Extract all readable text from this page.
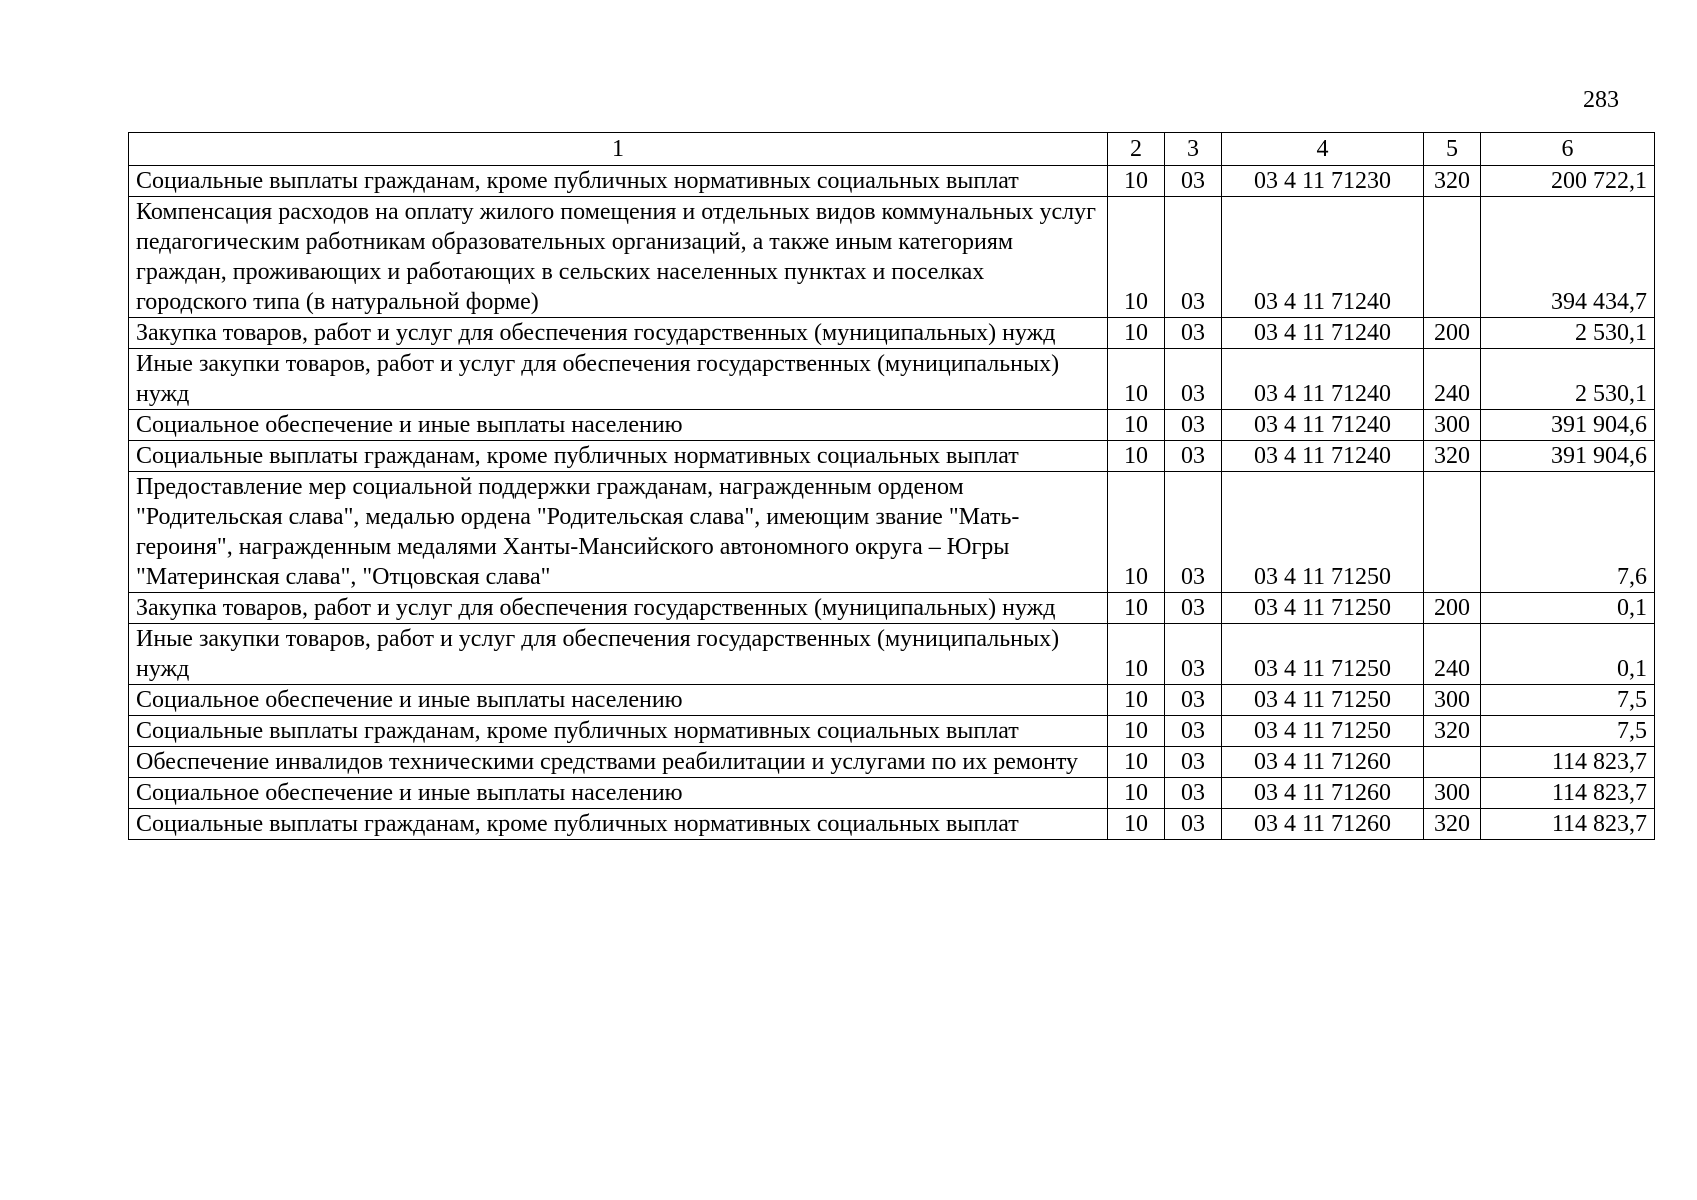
283
1	2	3	4	5	6
Социальные выплаты гражданам, кроме публичных нормативных социальных выплат	10	03	03 4 11 71230	320	200 722,1
Компенсация расходов на оплату жилого помещения и отдельных видов коммунальных услуг педагогическим работникам образовательных организаций, а также иным категориям граждан, проживающих и работающих в сельских населенных пунктах и поселках городского типа (в натуральной форме)	10	03	03 4 11 71240		394 434,7
Закупка товаров, работ и услуг для обеспечения государственных (муниципальных) нужд	10	03	03 4 11 71240	200	2 530,1
Иные закупки товаров, работ и услуг для обеспечения государственных (муниципальных) нужд	10	03	03 4 11 71240	240	2 530,1
Социальное обеспечение и иные выплаты населению	10	03	03 4 11 71240	300	391 904,6
Социальные выплаты гражданам, кроме публичных нормативных социальных выплат	10	03	03 4 11 71240	320	391 904,6
Предоставление мер социальной поддержки гражданам, награжденным орденом "Родительская слава", медалью ордена "Родительская слава", имеющим звание "Мать-героиня", награжденным медалями Ханты-Мансийского автономного округа – Югры "Материнская слава", "Отцовская слава"	10	03	03 4 11 71250		7,6
Закупка товаров, работ и услуг для обеспечения государственных (муниципальных) нужд	10	03	03 4 11 71250	200	0,1
Иные закупки товаров, работ и услуг для обеспечения государственных (муниципальных) нужд	10	03	03 4 11 71250	240	0,1
Социальное обеспечение и иные выплаты населению	10	03	03 4 11 71250	300	7,5
Социальные выплаты гражданам, кроме публичных нормативных социальных выплат	10	03	03 4 11 71250	320	7,5
Обеспечение инвалидов техническими средствами реабилитации и услугами по их ремонту	10	03	03 4 11 71260		114 823,7
Социальное обеспечение и иные выплаты населению	10	03	03 4 11 71260	300	114 823,7
Социальные выплаты гражданам, кроме публичных нормативных социальных выплат	10	03	03 4 11 71260	320	114 823,7
